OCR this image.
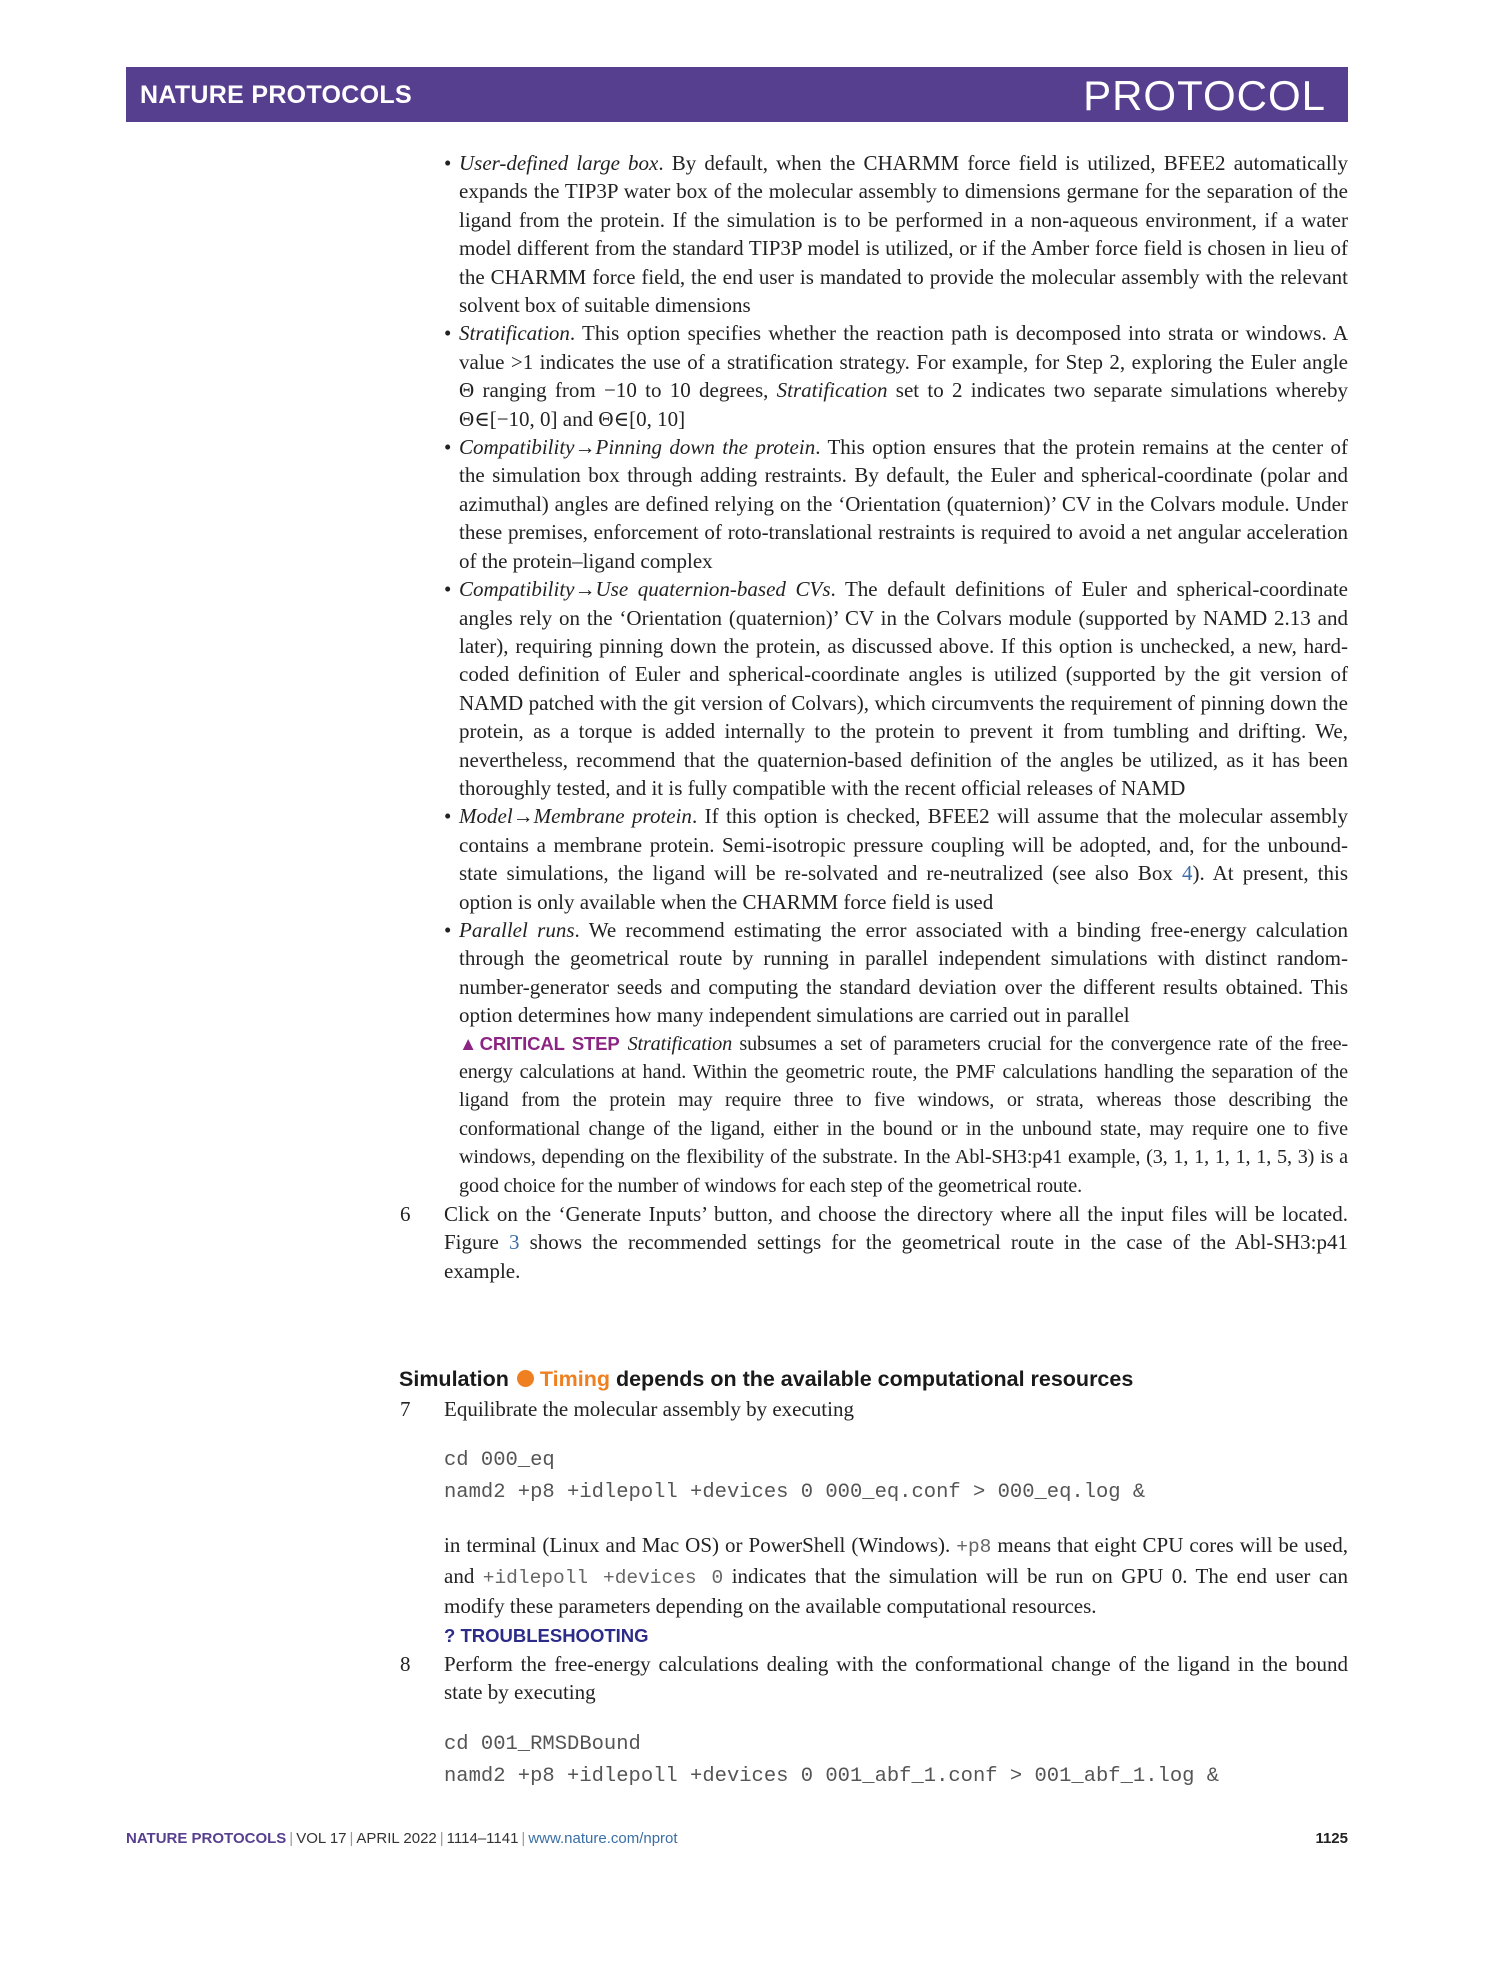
NATURE PROTOCOLS	PROTOCOL

• User-defined large box. By default, when the CHARMM force field is utilized, BFEE2 automatically expands the TIP3P water box of the molecular assembly to dimensions germane for the separation of the ligand from the protein. If the simulation is to be performed in a non-aqueous environment, if a water model different from the standard TIP3P model is utilized, or if the Amber force field is chosen in lieu of the CHARMM force field, the end user is mandated to provide the molecular assembly with the relevant solvent box of suitable dimensions

• Stratification. This option specifies whether the reaction path is decomposed into strata or windows. A value >1 indicates the use of a stratification strategy. For example, for Step 2, exploring the Euler angle Θ ranging from −10 to 10 degrees, Stratification set to 2 indicates two separate simulations whereby Θ∈[−10, 0] and Θ∈[0, 10]

• Compatibility→Pinning down the protein. This option ensures that the protein remains at the center of the simulation box through adding restraints. By default, the Euler and spherical-coordinate (polar and azimuthal) angles are defined relying on the ‘Orientation (quaternion)’ CV in the Colvars module. Under these premises, enforcement of roto-translational restraints is required to avoid a net angular acceleration of the protein–ligand complex

• Compatibility→Use quaternion-based CVs. The default definitions of Euler and spherical-coordinate angles rely on the ‘Orientation (quaternion)’ CV in the Colvars module (supported by NAMD 2.13 and later), requiring pinning down the protein, as discussed above. If this option is unchecked, a new, hard-coded definition of Euler and spherical-coordinate angles is utilized (supported by the git version of NAMD patched with the git version of Colvars), which circumvents the requirement of pinning down the protein, as a torque is added internally to the protein to prevent it from tumbling and drifting. We, nevertheless, recommend that the quaternion-based definition of the angles be utilized, as it has been thoroughly tested, and it is fully compatible with the recent official releases of NAMD

• Model→Membrane protein. If this option is checked, BFEE2 will assume that the molecular assembly contains a membrane protein. Semi-isotropic pressure coupling will be adopted, and, for the unbound-state simulations, the ligand will be re-solvated and re-neutralized (see also Box 4). At present, this option is only available when the CHARMM force field is used

• Parallel runs. We recommend estimating the error associated with a binding free-energy calculation through the geometrical route by running in parallel independent simulations with distinct random-number-generator seeds and computing the standard deviation over the different results obtained. This option determines how many independent simulations are carried out in parallel

▲CRITICAL STEP Stratification subsumes a set of parameters crucial for the convergence rate of the free-energy calculations at hand. Within the geometric route, the PMF calculations handling the separation of the ligand from the protein may require three to five windows, or strata, whereas those describing the conformational change of the ligand, either in the bound or in the unbound state, may require one to five windows, depending on the flexibility of the substrate. In the Abl-SH3:p41 example, (3, 1, 1, 1, 1, 1, 5, 3) is a good choice for the number of windows for each step of the geometrical route.

6 Click on the ‘Generate Inputs’ button, and choose the directory where all the input files will be located. Figure 3 shows the recommended settings for the geometrical route in the case of the Abl-SH3:p41 example.

Simulation Timing depends on the available computational resources

7 Equilibrate the molecular assembly by executing

cd 000_eq
namd2 +p8 +idlepoll +devices 0 000_eq.conf > 000_eq.log &

in terminal (Linux and Mac OS) or PowerShell (Windows). +p8 means that eight CPU cores will be used, and +idlepoll +devices 0 indicates that the simulation will be run on GPU 0. The end user can modify these parameters depending on the available computational resources.
? TROUBLESHOOTING

8 Perform the free-energy calculations dealing with the conformational change of the ligand in the bound state by executing

cd 001_RMSDBound
namd2 +p8 +idlepoll +devices 0 001_abf_1.conf > 001_abf_1.log &
NATURE PROTOCOLS | VOL 17 | APRIL 2022 | 1114–1141 | www.nature.com/nprot	1125
